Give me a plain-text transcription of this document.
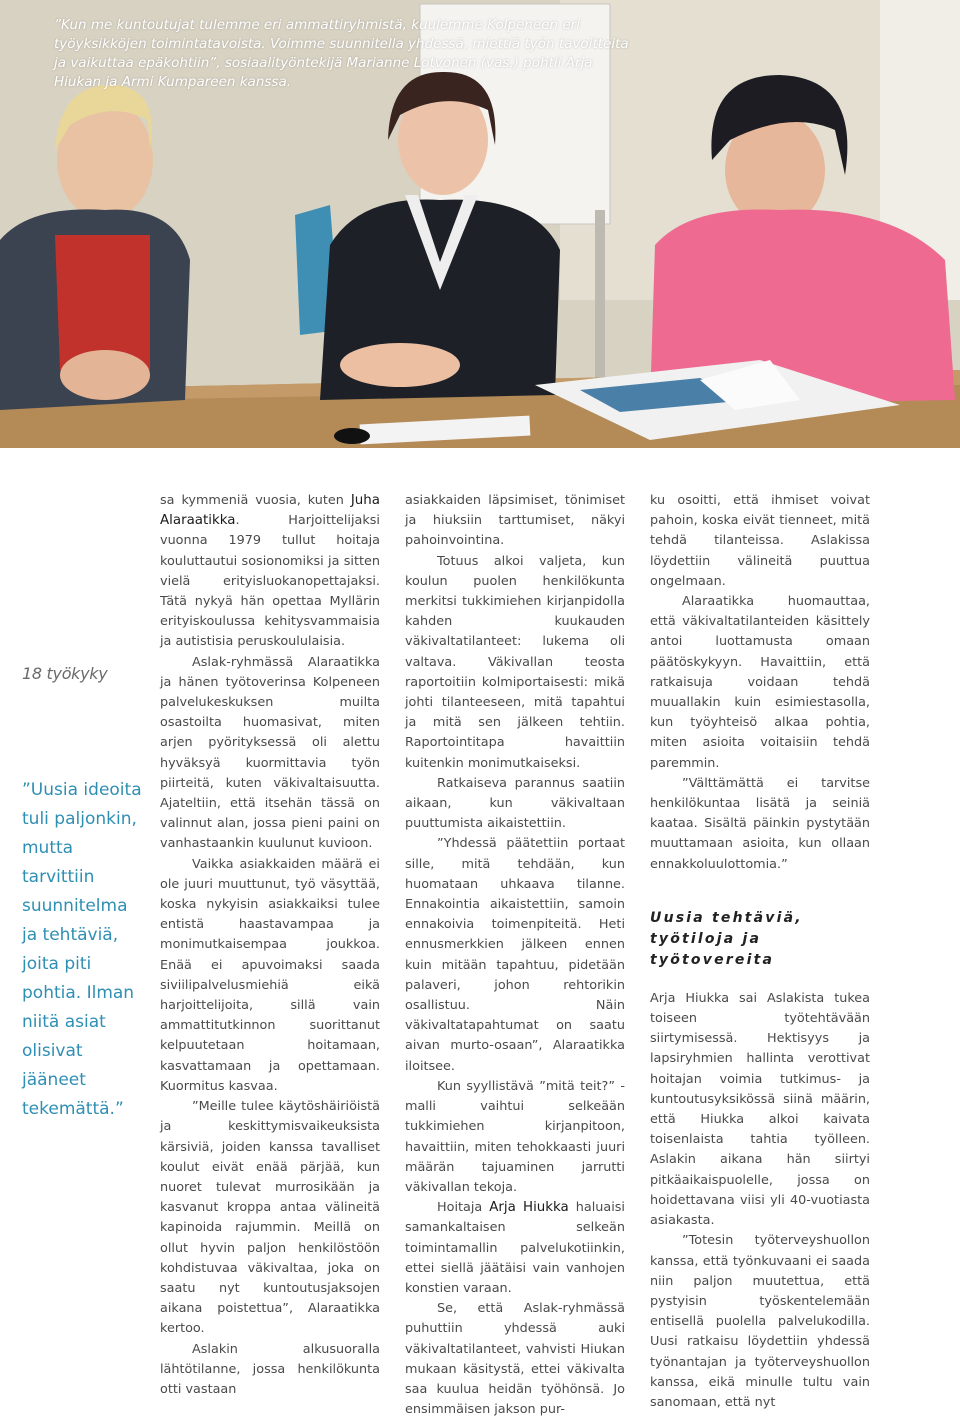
”Kun me kuntoutujat tulemme eri ammattiryhmistä, kuulemme Kolpeneen eri työyksikköjen toimintatavoista. Voimme suunnitella yhdessä, miettiä työn tavoitteita ja vaikuttaa epäkohtiin”, sosiaalityöntekijä Marianne Lotvonen (vas.) pohtii Arja Hiukan ja Armi Kumpareen kanssa.

18 työkyky

”Uusia ideoita tuli paljonkin, mutta tarvittiin suunnitelma ja tehtäviä, joita piti pohtia. Ilman niitä asiat olisivat jääneet tekemättä.”

sa kymmeniä vuosia, kuten Juha Alaraatikka. Harjoittelijaksi vuonna 1979 tullut hoitaja kouluttautui sosionomiksi ja sitten vielä erityisluokanopettajaksi. Tätä nykyä hän opettaa Myllärin erityiskoulussa kehitysvammaisia ja autistisia peruskoululaisia.

Aslak-ryhmässä Alaraatikka ja hänen työtoverinsa Kolpeneen palvelukeskuksen muilta osastoilta huomasivat, miten arjen pyörityksessä oli alettu hyväksyä kuormittavia työn piirteitä, kuten väkivaltaisuutta. Ajateltiin, että itsehän tässä on valinnut alan, jossa pieni paini on vanhastaankin kuulunut kuvioon.

Vaikka asiakkaiden määrä ei ole juuri muuttunut, työ väsyttää, koska nykyisin asiakkaiksi tulee entistä haastavampaa ja monimutkaisempaa joukkoa. Enää ei apuvoimaksi saada siviilipalvelusmiehiä eikä harjoittelijoita, sillä vain ammattitutkinnon suorittanut kelpuutetaan hoitamaan, kasvattamaan ja opettamaan. Kuormitus kasvaa.

”Meille tulee käytöshäiriöistä ja keskittymisvaikeuksista kärsiviä, joiden kanssa tavalliset koulut eivät enää pärjää, kun nuoret tulevat murrosikään ja kasvanut kroppa antaa välineitä kapinoida rajummin. Meillä on ollut hyvin paljon henkilöstöön kohdistuvaa väkivaltaa, joka on saatu nyt kuntoutusjaksojen aikana poistettua”, Alaraatikka kertoo.

Aslakin alkusuoralla lähtötilanne, jossa henkilökunta otti vastaan

asiakkaiden läpsimiset, tönimiset ja hiuksiin tarttumiset, näkyi pahoinvointina.

Totuus alkoi valjeta, kun koulun puolen henkilökunta merkitsi tukkimiehen kirjanpidolla kahden kuukauden väkivaltatilanteet: lukema oli valtava. Väkivallan teosta raportoitiin kolmiportaisesti: mikä johti tilanteeseen, mitä tapahtui ja mitä sen jälkeen tehtiin. Raportointitapa havaittiin kuitenkin monimutkaiseksi.

Ratkaiseva parannus saatiin aikaan, kun väkivaltaan puuttumista aikaistettiin.

”Yhdessä päätettiin portaat sille, mitä tehdään, kun huomataan uhkaava tilanne. Ennakointia aikaistettiin, samoin ennakoivia toimenpiteitä. Heti ennusmerkkien jälkeen ennen kuin mitään tapahtuu, pidetään palaveri, johon rehtorikin osallistuu. Näin väkivaltatapahtumat on saatu aivan murto-osaan”, Alaraatikka iloitsee.

Kun syyllistävä ”mitä teit?” -malli vaihtui selkeään tukkimiehen kirjanpitoon, havaittiin, miten tehokkaasti juuri määrän tajuaminen jarrutti väkivallan tekoja.

Hoitaja Arja Hiukka haluaisi samankaltaisen selkeän toimintamallin palvelukotiinkin, ettei siellä jäätäisi vain vanhojen konstien varaan.

Se, että Aslak-ryhmässä puhuttiin yhdessä auki väkivaltatilanteet, vahvisti Hiukan mukaan käsitystä, ettei väkivalta saa kuulua heidän työhönsä. Jo ensimmäisen jakson pur-

ku osoitti, että ihmiset voivat pahoin, koska eivät tienneet, mitä tehdä tilanteissa. Aslakissa löydettiin välineitä puuttua ongelmaan.

Alaraatikka huomauttaa, että väkivaltatilanteiden käsittely antoi luottamusta omaan päätöskykyyn. Havaittiin, että ratkaisuja voidaan tehdä muuallakin kuin esimiestasolla, kun työyhteisö alkaa pohtia, miten asioita voitaisiin tehdä paremmin.

”Välttämättä ei tarvitse henkilökuntaa lisätä ja seiniä kaataa. Sisältä päinkin pystytään muuttamaan asioita, kun ollaan ennakkoluulottomia.”

Uusia tehtäviä, työtiloja ja työtovereita

Arja Hiukka sai Aslakista tukea toiseen työtehtävään siirtymisessä. Hektisyys ja lapsiryhmien hallinta verottivat hoitajan voimia tutkimus- ja kuntoutusyksikössä siinä määrin, että Hiukka alkoi kaivata toisenlaista tahtia työlleen. Aslakin aikana hän siirtyi pitkäaikaispuolelle, jossa on hoidettavana viisi yli 40-vuotiasta asiakasta.

”Totesin työterveyshuollon kanssa, että työnkuvaani ei saada niin paljon muutettua, että pystyisin työskentelemään entisellä puolella palvelukodilla. Uusi ratkaisu löydettiin yhdessä työnantajan ja työterveyshuollon kanssa, eikä minulle tultu vain sanomaan, että nyt
